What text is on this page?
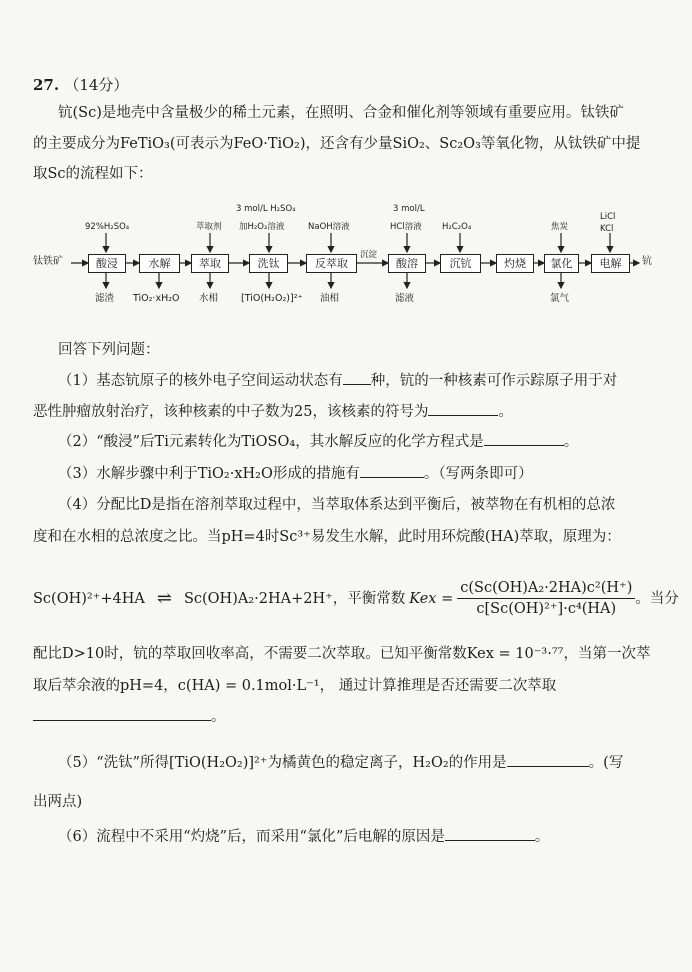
27. （14分）
钪(Sc)是地壳中含量极少的稀土元素，在照明、合金和催化剂等领域有重要应用。钛铁矿
的主要成分为FeTiO₃(可表示为FeO·TiO₂)，还含有少量SiO₂、Sc₂O₃等氧化物，从钛铁矿中提
取Sc的流程如下：
钛铁矿	钪
酸浸	水解	萃取	洗钛	反萃取	酸溶	沉钪	灼烧	氯化	电解
92%H₂SO₄	萃取剂
3 mol/L H₂SO₄
加H₂O₂溶液	NaOH溶液
3 mol/L
HCl溶液 H₂C₂O₄	焦炭
LiCl
KCl
沉淀
滤渣 TiO₂·xH₂O 水相 [TiO(H₂O₂)]²⁺ 油相	滤液	氯气
回答下列问题：
（1）基态钪原子的核外电子空间运动状态有 种，钪的一种核素可作示踪原子用于对
恶性肿瘤放射治疗，该种核素的中子数为25，该核素的符号为	。
（2）“酸浸”后Ti元素转化为TiOSO₄，其水解反应的化学方程式是	。
（3）水解步骤中利于TiO₂·xH₂O形成的措施有	。（写两条即可）
（4）分配比D是指在溶剂萃取过程中，当萃取体系达到平衡后，被萃物在有机相的总浓
度和在水相的总浓度之比。当pH=4时Sc³⁺易发生水解，此时用环烷酸(HA)萃取，原理为：
Sc(OH)²⁺+4HA ⇌ Sc(OH)A₂·2HA+2H⁺，平衡常数 Kex = $\frac{\text{c(Sc(OH)A₂·2HA)c²(H⁺)}}{\text{c[Sc(OH)²⁺]·c⁴(HA)}}$ 。当分
配比D>10时，钪的萃取回收率高，不需要二次萃取。已知平衡常数Kex = 10⁻³·⁷⁷，当第一次萃
取后萃余液的pH=4，c(HA) = 0.1mol·L⁻¹， 通过计算推理是否还需要二次萃取
。
（5）“洗钛”所得[TiO(H₂O₂)]²⁺为橘黄色的稳定离子，H₂O₂的作用是	。(写
出两点)
（6）流程中不采用“灼烧”后，而采用“氯化”后电解的原因是	。
